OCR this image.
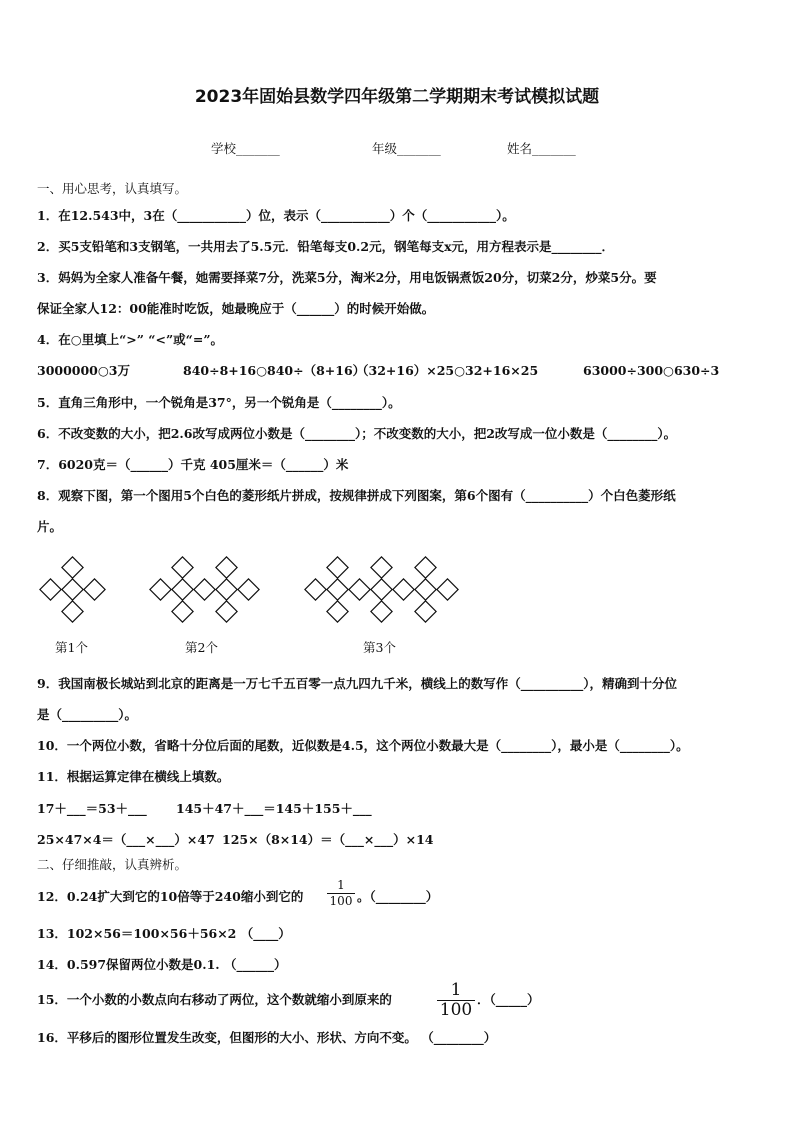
2023年固始县数学四年级第二学期期末考试模拟试题
学校_______	年级_______	姓名_______
一、用心思考，认真填写。
1．在12.543中，3在（___________）位，表示（___________）个（___________）。
2．买5支铅笔和3支钢笔，一共用去了5.5元．铅笔每支0.2元，钢笔每支x元，用方程表示是________．
3．妈妈为全家人准备午餐，她需要择菜7分，洗菜5分，淘米2分，用电饭锅煮饭20分，切菜2分，炒菜5分。要
保证全家人12：00能准时吃饭，她最晚应于（______）的时候开始做。
4．在○里填上“>” “<”或“=”。
3000000○3万	840÷8+16○840÷（8+16）
（32+16）×25○32+16×25	63000÷300○630÷3
5．直角三角形中，一个锐角是37°，另一个锐角是（________）。
6．不改变数的大小，把2.6改写成两位小数是（________）；不改变数的大小，把2改写成一位小数是（________）。
7．6020克＝（______）千克 405厘米＝（______）米
8．观察下图，第一个图用5个白色的菱形纸片拼成，按规律拼成下列图案，第6个图有（__________）个白色菱形纸
片。
第1个	第2个	第3个
9．我国南极长城站到北京的距离是一万七千五百零一点九四九千米，横线上的数写作（__________），精确到十分位
是（_________）。
10．一个两位小数，省略十分位后面的尾数，近似数是4.5，这个两位小数最大是（________），最小是（________）。
11．根据运算定律在横线上填数。
17＋___＝53＋___ 145＋47＋___＝145＋155＋___
25×47×4＝（___×___）×47 125×（8×14）＝（___×___）×14
二、仔细推敲，认真辨析。
12．0.24扩大到它的10倍等于240缩小到它的
1
100 。（________）
13．102×56＝100×56＋56×2 （____）
14．0.597保留两位小数是0.1. （______）
15．一个小数的小数点向右移动了两位，这个数就缩小到原来的	1
100
．（_____）
16．平移后的图形位置发生改变，但图形的大小、形状、方向不变。 （________）
